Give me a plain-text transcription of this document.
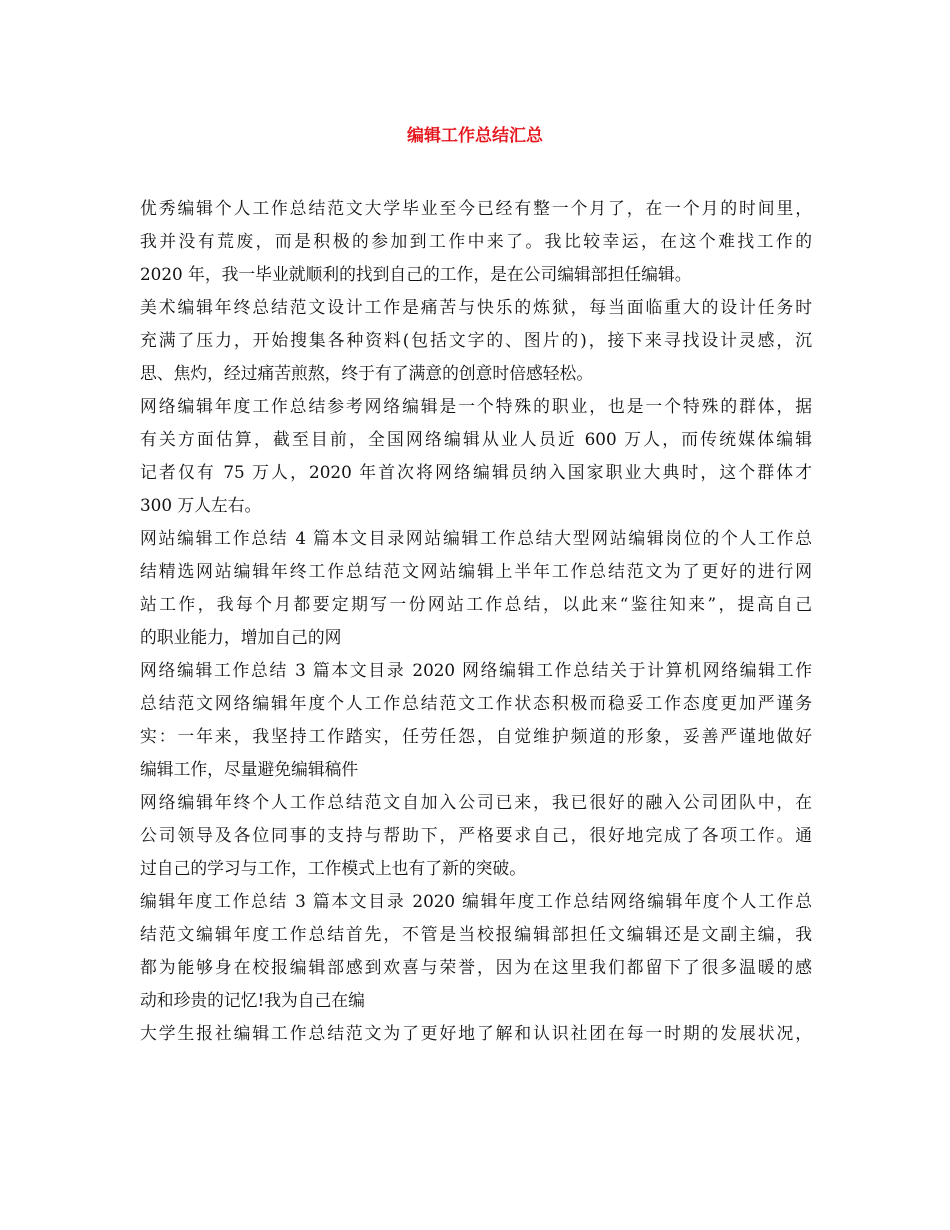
编辑工作总结汇总
优秀编辑个人工作总结范文大学毕业至今已经有整一个月了，在一个月的时间里，
我并没有荒废，而是积极的参加到工作中来了。我比较幸运，在这个难找工作的
2020 年，我一毕业就顺利的找到自己的工作，是在公司编辑部担任编辑。
美术编辑年终总结范文设计工作是痛苦与快乐的炼狱，每当面临重大的设计任务时
充满了压力，开始搜集各种资料(包括文字的、图片的)，接下来寻找设计灵感，沉
思、焦灼，经过痛苦煎熬，终于有了满意的创意时倍感轻松。
网络编辑年度工作总结参考网络编辑是一个特殊的职业，也是一个特殊的群体，据
有关方面估算，截至目前，全国网络编辑从业人员近 600 万人，而传统媒体编辑
记者仅有 75 万人，2020 年首次将网络编辑员纳入国家职业大典时，这个群体才
300 万人左右。
网站编辑工作总结 4 篇本文目录网站编辑工作总结大型网站编辑岗位的个人工作总
结精选网站编辑年终工作总结范文网站编辑上半年工作总结范文为了更好的进行网
站工作，我每个月都要定期写一份网站工作总结，以此来“鉴往知来”，提高自己
的职业能力，增加自己的网
网络编辑工作总结 3 篇本文目录 2020 网络编辑工作总结关于计算机网络编辑工作
总结范文网络编辑年度个人工作总结范文工作状态积极而稳妥工作态度更加严谨务
实：一年来，我坚持工作踏实，任劳任怨，自觉维护频道的形象，妥善严谨地做好
编辑工作，尽量避免编辑稿件
网络编辑年终个人工作总结范文自加入公司已来，我已很好的融入公司团队中，在
公司领导及各位同事的支持与帮助下，严格要求自己，很好地完成了各项工作。通
过自己的学习与工作，工作模式上也有了新的突破。
编辑年度工作总结 3 篇本文目录 2020 编辑年度工作总结网络编辑年度个人工作总
结范文编辑年度工作总结首先，不管是当校报编辑部担任文编辑还是文副主编，我
都为能够身在校报编辑部感到欢喜与荣誉，因为在这里我们都留下了很多温暖的感
动和珍贵的记忆!我为自己在编
大学生报社编辑工作总结范文为了更好地了解和认识社团在每一时期的发展状况，
